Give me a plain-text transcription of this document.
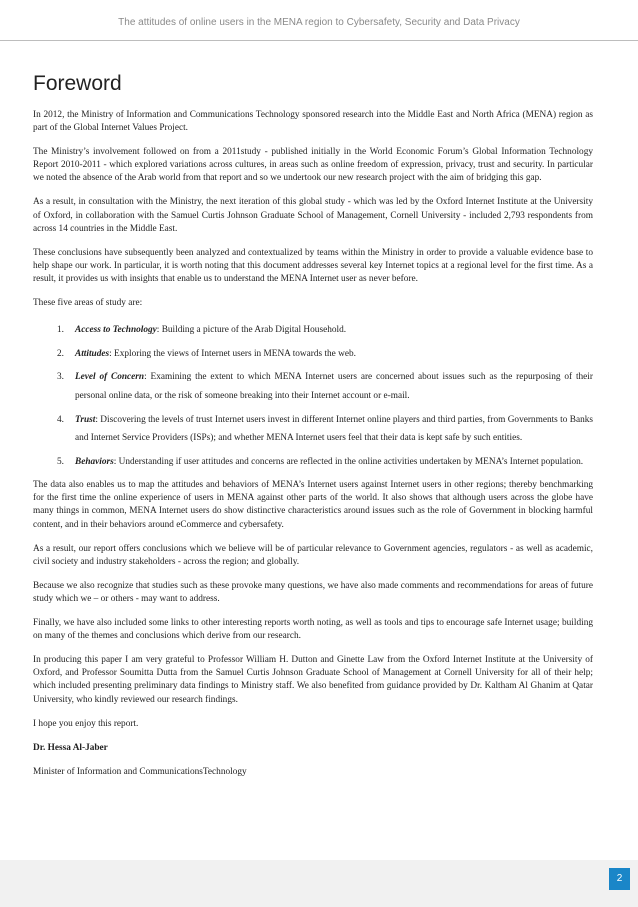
The attitudes of online users in the MENA region to Cybersafety, Security and Data Privacy
Foreword

In 2012, the Ministry of Information and Communications Technology sponsored research into the Middle East and North Africa (MENA) region as part of the Global Internet Values Project.

The Ministry’s involvement followed on from a 2011study - published initially in the World Economic Forum’s Global Information Technology Report 2010-2011 - which explored variations across cultures, in areas such as online freedom of expression, privacy, trust and security. In particular we noted the absence of the Arab world from that report and so we undertook our new research project with the aim of bridging this gap.

As a result, in consultation with the Ministry, the next iteration of this global study - which was led by the Oxford Internet Institute at the University of Oxford, in collaboration with the Samuel Curtis Johnson Graduate School of Management, Cornell University - included 2,793 respondents from across 14 countries in the Middle East.

These conclusions have subsequently been analyzed and contextualized by teams within the Ministry in order to provide a valuable evidence base to help shape our work. In particular, it is worth noting that this document addresses several key Internet topics at a regional level for the first time. As a result, it provides us with insights that enable us to understand the MENA Internet user as never before.

These five areas of study are:

1. Access to Technology: Building a picture of the Arab Digital Household.
2. Attitudes: Exploring the views of Internet users in MENA towards the web.
3. Level of Concern: Examining the extent to which MENA Internet users are concerned about issues such as the repurposing of their personal online data, or the risk of someone breaking into their Internet account or e-mail.
4. Trust: Discovering the levels of trust Internet users invest in different Internet online players and third parties, from Governments to Banks and Internet Service Providers (ISPs); and whether MENA Internet users feel that their data is kept safe by such entities.
5. Behaviors: Understanding if user attitudes and concerns are reflected in the online activities undertaken by MENA’s Internet population.

The data also enables us to map the attitudes and behaviors of MENA’s Internet users against Internet users in other regions; thereby benchmarking for the first time the online experience of users in MENA against other parts of the world. It also shows that although users across the globe have many things in common, MENA Internet users do show distinctive characteristics around issues such as the role of Government in blocking harmful content, and in their behaviors around eCommerce and cybersafety.

As a result, our report offers conclusions which we believe will be of particular relevance to Government agencies, regulators - as well as academic, civil society and industry stakeholders - across the region; and globally.

Because we also recognize that studies such as these provoke many questions, we have also made comments and recommendations for areas of future study which we – or others - may want to address.

Finally, we have also included some links to other interesting reports worth noting, as well as tools and tips to encourage safe Internet usage; building on many of the themes and conclusions which derive from our research.

In producing this paper I am very grateful to Professor William H. Dutton and Ginette Law from the Oxford Internet Institute at the University of Oxford, and Professor Soumitta Dutta from the Samuel Curtis Johnson Graduate School of Management at Cornell University for all of their help; which included presenting preliminary data findings to Ministry staff. We also benefited from guidance provided by Dr. Kaltham Al Ghanim at Qatar University, who kindly reviewed our research findings.

I hope you enjoy this report.

Dr. Hessa Al-Jaber

Minister of Information and CommunicationsTechnology

2
